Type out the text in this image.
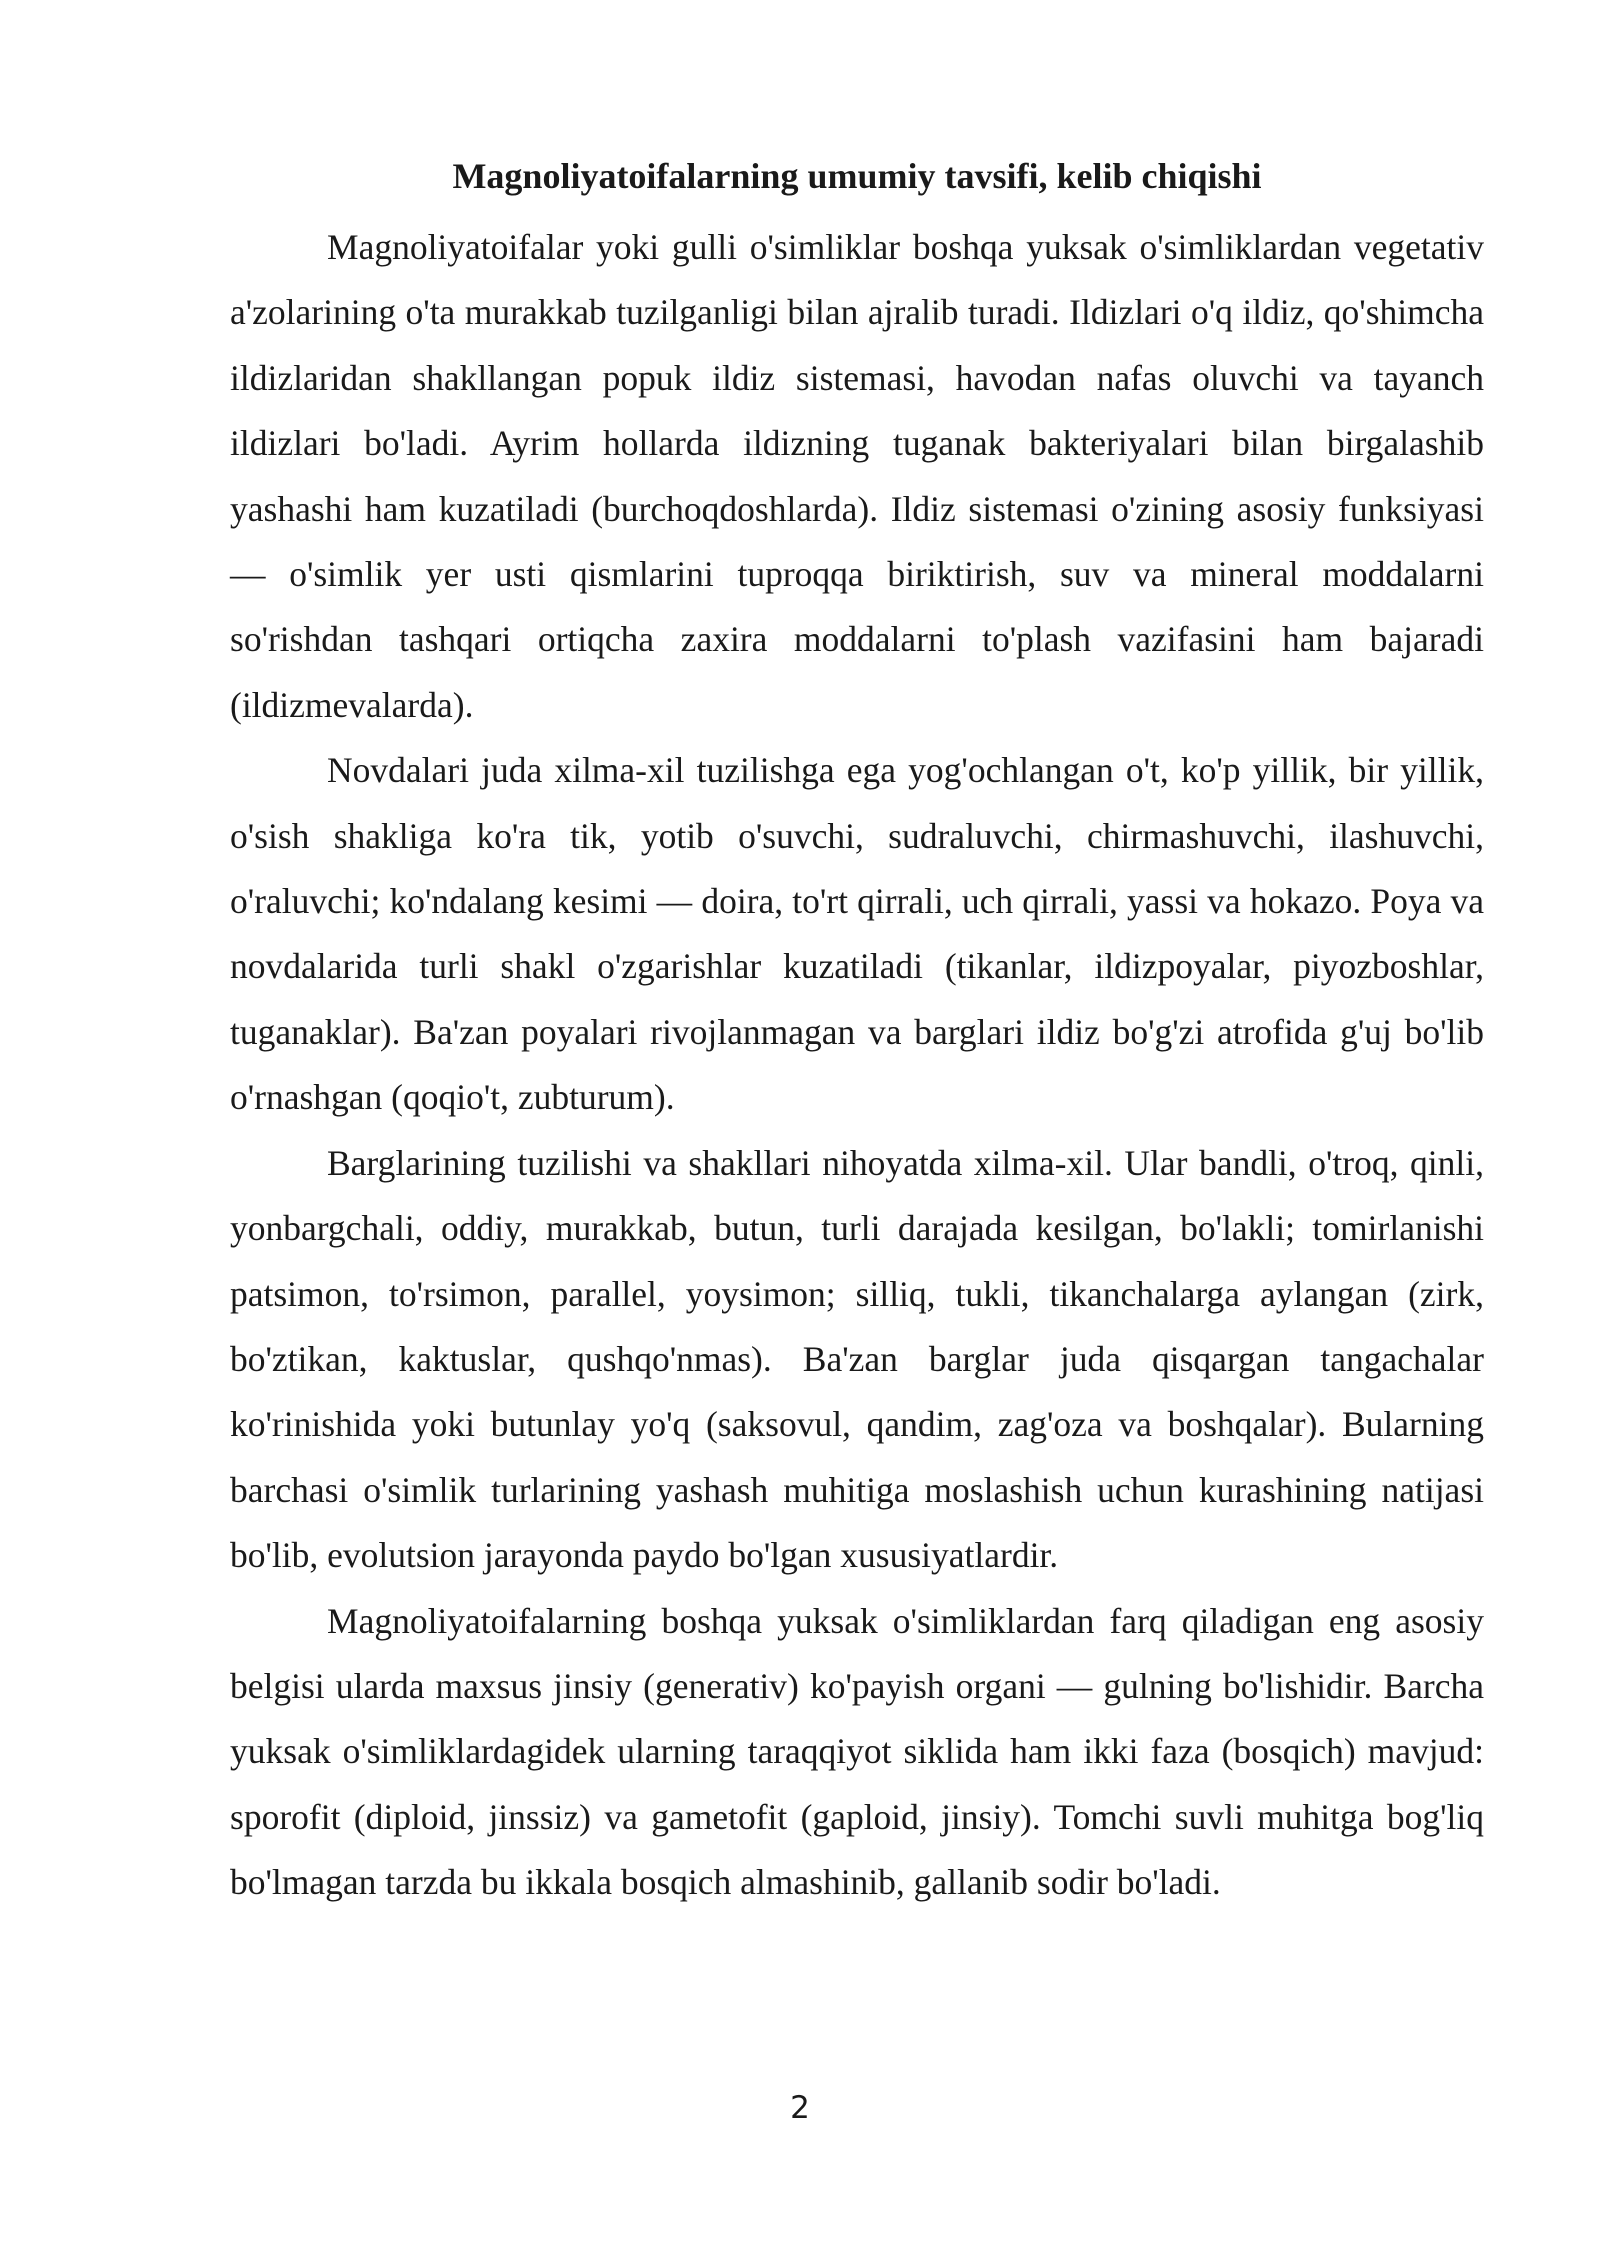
Magnoliyatoifalarning umumiy tavsifi, kelib chiqishi

Magnoliyatoifalar yoki gulli o'simliklar boshqa yuksak o'simliklardan vegetativ a'zolarining o'ta murakkab tuzilganligi bilan ajralib turadi. Ildizlari o'q ildiz, qo'shimcha ildizlaridan shakllangan popuk ildiz sistemasi, havodan nafas oluvchi va tayanch ildizlari bo'ladi. Ayrim hollarda ildizning tuganak bakteriyalari bilan birgalashib yashashi ham kuzatiladi (burchoqdoshlarda). Ildiz sistemasi o'zining asosiy funksiyasi — o'simlik yer usti qismlarini tuproqqa biriktirish, suv va mineral moddalarni so'rishdan tashqari ortiqcha zaxira moddalarni to'plash vazifasini ham bajaradi (ildizmevalarda).

Novdalari juda xilma-xil tuzilishga ega yog'ochlangan o't, ko'p yillik, bir yillik, o'sish shakliga ko'ra tik, yotib o'suvchi, sudraluvchi, chirmashuvchi, ilashuvchi, o'raluvchi; ko'ndalang kesimi — doira, to'rt qirrali, uch qirrali, yassi va hokazo. Poya va novdalarida turli shakl o'zgarishlar kuzatiladi (tikanlar, ildizpoyalar, piyozboshlar, tuganaklar). Ba'zan poyalari rivojlanmagan va barglari ildiz bo'g'zi atrofida g'uj bo'lib o'rnashgan (qoqio't, zubturum).

Barglarining tuzilishi va shakllari nihoyatda xilma-xil. Ular bandli, o'troq, qinli, yonbargchali, oddiy, murakkab, butun, turli darajada kesilgan, bo'lakli; tomirlanishi patsimon, to'rsimon, parallel, yoysimon; silliq, tukli, tikanchalarga aylangan (zirk, bo'ztikan, kaktuslar, qushqo'nmas). Ba'zan barglar juda qisqargan tangachalar ko'rinishida yoki butunlay yo'q (saksovul, qandim, zag'oza va boshqalar). Bularning barchasi o'simlik turlarining yashash muhitiga moslashish uchun kurashining natijasi bo'lib, evolutsion jarayonda paydo bo'lgan xususiyatlardir.

Magnoliyatoifalarning boshqa yuksak o'simliklardan farq qiladigan eng asosiy belgisi ularda maxsus jinsiy (generativ) ko'payish organi — gulning bo'lishidir. Barcha yuksak o'simliklardagidek ularning taraqqiyot siklida ham ikki faza (bosqich) mavjud: sporofit (diploid, jinssiz) va gametofit (gaploid, jinsiy). Tomchi suvli muhitga bog'liq bo'lmagan tarzda bu ikkala bosqich almashinib, gallanib sodir bo'ladi.

2
